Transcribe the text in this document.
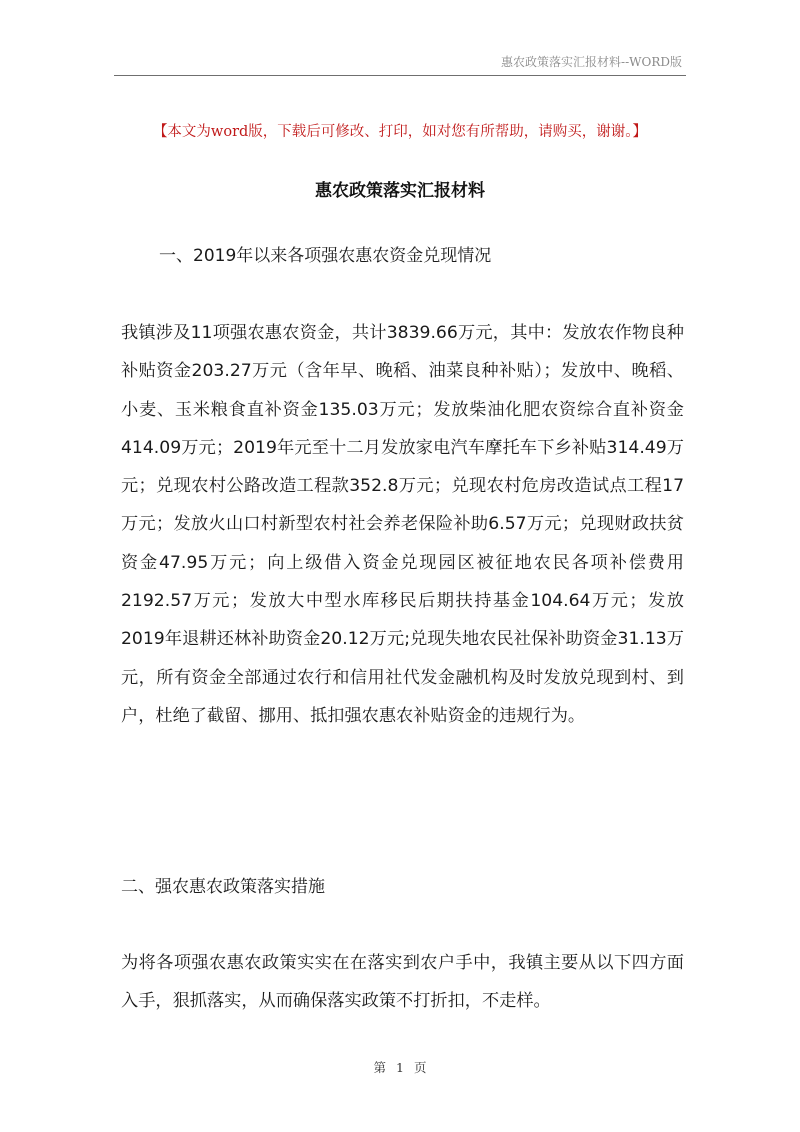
惠农政策落实汇报材料--WORD版
【本文为word版，下载后可修改、打印，如对您有所帮助，请购买，谢谢。】
惠农政策落实汇报材料
一、2019年以来各项强农惠农资金兑现情况
我镇涉及11项强农惠农资金，共计3839.66万元，其中：发放农作物良种补贴资金203.27万元（含年早、晚稻、油菜良种补贴）；发放中、晚稻、小麦、玉米粮食直补资金135.03万元；发放柴油化肥农资综合直补资金414.09万元；2019年元至十二月发放家电汽车摩托车下乡补贴314.49万元；兑现农村公路改造工程款352.8万元；兑现农村危房改造试点工程17万元；发放火山口村新型农村社会养老保险补助6.57万元；兑现财政扶贫资金47.95万元；向上级借入资金兑现园区被征地农民各项补偿费用2192.57万元；发放大中型水库移民后期扶持基金104.64万元；发放2019年退耕还林补助资金20.12万元;兑现失地农民社保补助资金31.13万元，所有资金全部通过农行和信用社代发金融机构及时发放兑现到村、到户，杜绝了截留、挪用、抵扣强农惠农补贴资金的违规行为。
二、强农惠农政策落实措施
为将各项强农惠农政策实实在在落实到农户手中，我镇主要从以下四方面入手，狠抓落实，从而确保落实政策不打折扣，不走样。
第 1 页
